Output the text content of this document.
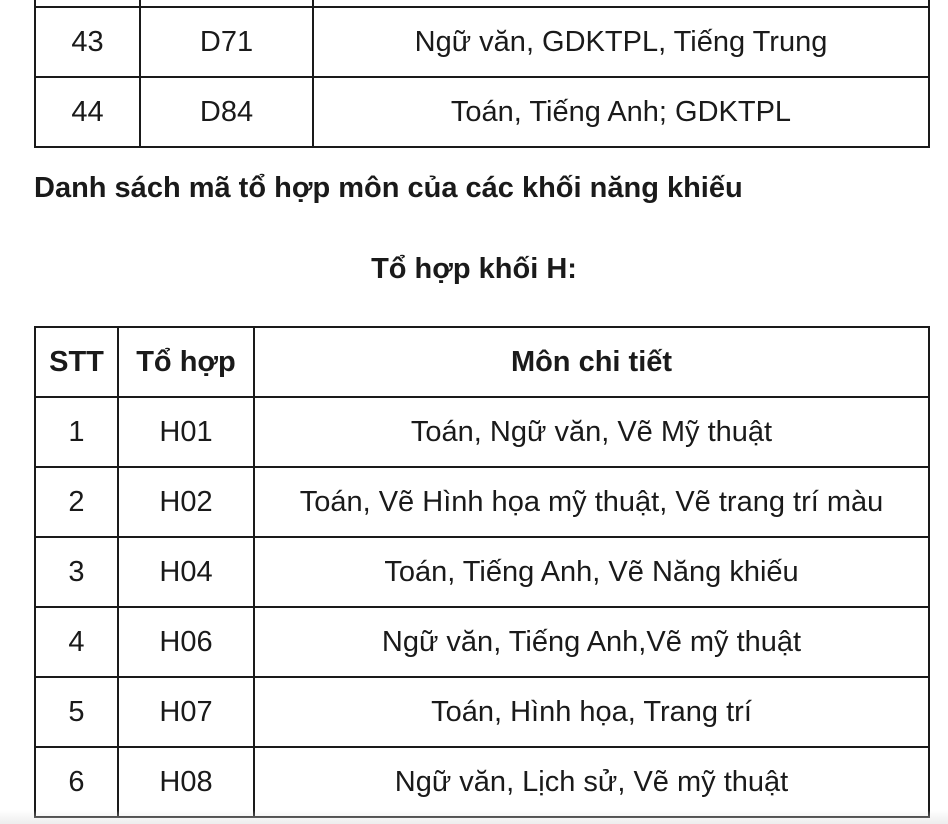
43	D71	Ngữ văn, GDKTPL, Tiếng Trung
44	D84	Toán, Tiếng Anh; GDKTPL
Danh sách mã tổ hợp môn của các khối năng khiếu
Tổ hợp khối H:
STT	Tổ hợp	Môn chi tiết
1	H01	Toán, Ngữ văn, Vẽ Mỹ thuật
2	H02	Toán, Vẽ Hình họa mỹ thuật, Vẽ trang trí màu
3	H04	Toán, Tiếng Anh, Vẽ Năng khiếu
4	H06	Ngữ văn, Tiếng Anh,Vẽ mỹ thuật
5	H07	Toán, Hình họa, Trang trí
6	H08	Ngữ văn, Lịch sử, Vẽ mỹ thuật
